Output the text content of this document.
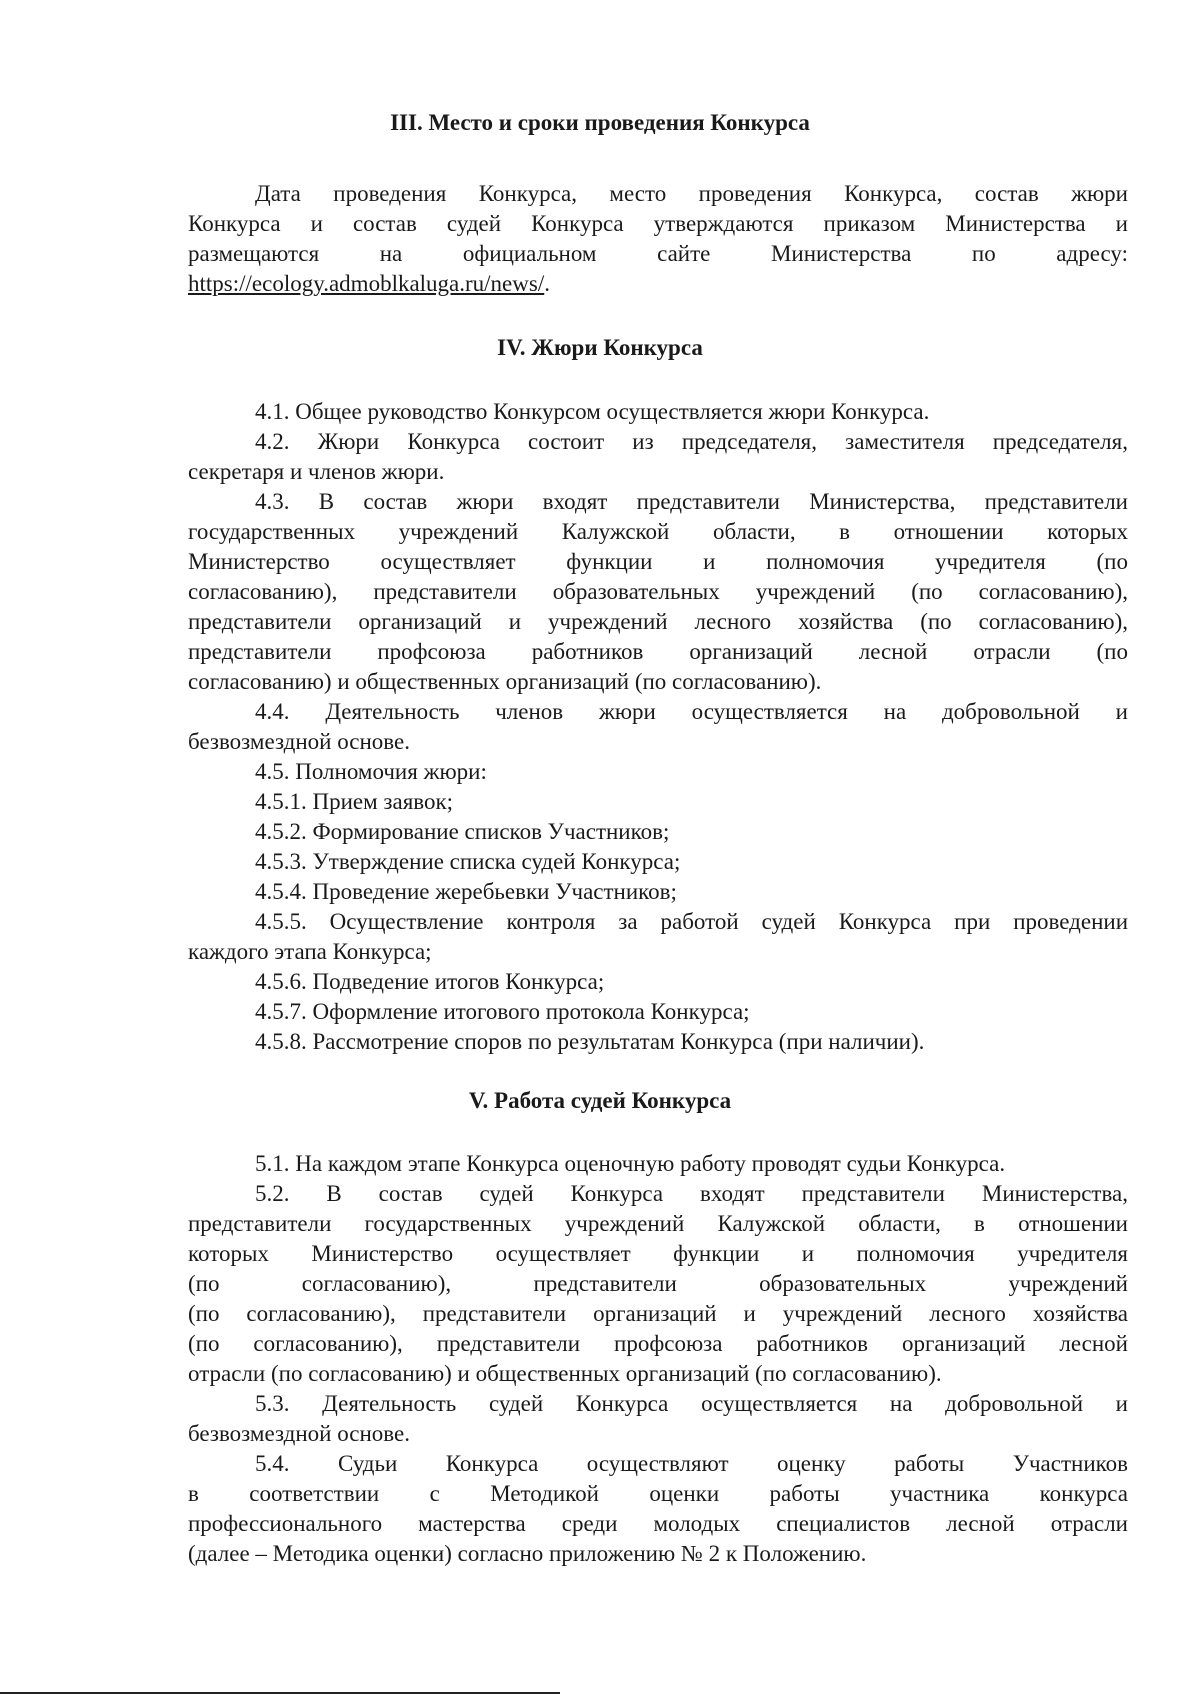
III. Место и сроки проведения Конкурса
Дата проведения Конкурса, место проведения Конкурса, состав жюри
Конкурса и состав судей Конкурса утверждаются приказом Министерства и
размещаются на официальном сайте Министерства по адресу:
https://ecology.admoblkaluga.ru/news/.
IV. Жюри Конкурса
4.1. Общее руководство Конкурсом осуществляется жюри Конкурса.
4.2. Жюри Конкурса состоит из председателя, заместителя председателя,
секретаря и членов жюри.
4.3. В состав жюри входят представители Министерства, представители
государственных учреждений Калужской области, в отношении которых
Министерство осуществляет функции и полномочия учредителя (по
согласованию), представители образовательных учреждений (по согласованию),
представители организаций и учреждений лесного хозяйства (по согласованию),
представители профсоюза работников организаций лесной отрасли (по
согласованию) и общественных организаций (по согласованию).
4.4. Деятельность членов жюри осуществляется на добровольной и
безвозмездной основе.
4.5. Полномочия жюри:
4.5.1. Прием заявок;
4.5.2. Формирование списков Участников;
4.5.3. Утверждение списка судей Конкурса;
4.5.4. Проведение жеребьевки Участников;
4.5.5. Осуществление контроля за работой судей Конкурса при проведении
каждого этапа Конкурса;
4.5.6. Подведение итогов Конкурса;
4.5.7. Оформление итогового протокола Конкурса;
4.5.8. Рассмотрение споров по результатам Конкурса (при наличии).
V. Работа судей Конкурса
5.1. На каждом этапе Конкурса оценочную работу проводят судьи Конкурса.
5.2. В состав судей Конкурса входят представители Министерства,
представители государственных учреждений Калужской области, в отношении
которых Министерство осуществляет функции и полномочия учредителя
(по согласованию), представители образовательных учреждений
(по согласованию), представители организаций и учреждений лесного хозяйства
(по согласованию), представители профсоюза работников организаций лесной
отрасли (по согласованию) и общественных организаций (по согласованию).
5.3. Деятельность судей Конкурса осуществляется на добровольной и
безвозмездной основе.
5.4. Судьи Конкурса осуществляют оценку работы Участников
в соответствии с Методикой оценки работы участника конкурса
профессионального мастерства среди молодых специалистов лесной отрасли
(далее – Методика оценки) согласно приложению № 2 к Положению.
